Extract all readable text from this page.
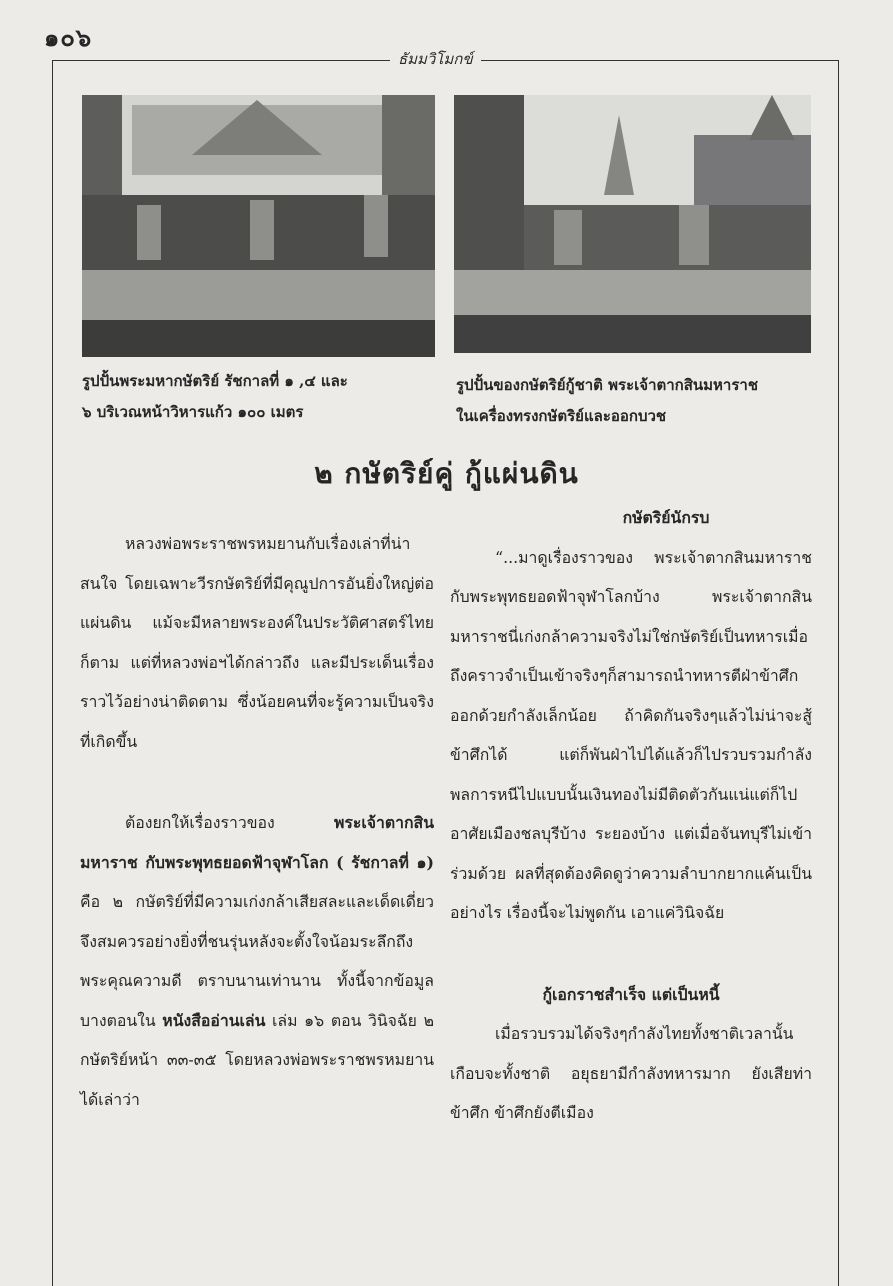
๑๐๖
ธัมมวิโมกข์
รูปปั้นพระมหากษัตริย์ รัชกาลที่ ๑ ,๔ และ
๖ บริเวณหน้าวิหารแก้ว ๑๐๐ เมตร
รูปปั้นของกษัตริย์กู้ชาติ พระเจ้าตากสินมหาราช
ในเครื่องทรงกษัตริย์และออกบวช
๒ กษัตริย์คู่ กู้แผ่นดิน

หลวงพ่อพระราชพรหมยานกับเรื่องเล่าที่น่าสนใจ โดยเฉพาะวีรกษัตริย์ที่มีคุณูปการอันยิ่งใหญ่ต่อแผ่นดิน แม้จะมีหลายพระองค์ในประวัติศาสตร์ไทยก็ตาม แต่ที่หลวงพ่อฯได้กล่าวถึง และมีประเด็นเรื่องราวไว้อย่างน่าติดตาม ซึ่งน้อยคนที่จะรู้ความเป็นจริงที่เกิดขึ้น

ต้องยกให้เรื่องราวของ พระเจ้าตากสินมหาราช กับพระพุทธยอดฟ้าจุฬาโลก ( รัชกาลที่ ๑) คือ ๒ กษัตริย์ที่มีความเก่งกล้าเสียสละและเด็ดเดี่ยวจึงสมควรอย่างยิ่งที่ชนรุ่นหลังจะตั้งใจน้อมระลึกถึงพระคุณความดี ตราบนานเท่านาน ทั้งนี้จากข้อมูลบางตอนใน หนังสืออ่านเล่น เล่ม ๑๖ ตอน วินิจฉัย ๒ กษัตริย์หน้า ๓๓-๓๕ โดยหลวงพ่อพระราชพรหมยาน ได้เล่าว่า

กษัตริย์นักรบ

“...มาดูเรื่องราวของ พระเจ้าตากสินมหาราชกับพระพุทธยอดฟ้าจุฬาโลกบ้าง พระเจ้าตากสินมหาราชนี่เก่งกล้าความจริงไม่ใช่กษัตริย์เป็นทหารเมื่อถึงคราวจำเป็นเข้าจริงๆก็สามารถนำทหารตีฝ่าข้าศึกออกด้วยกำลังเล็กน้อย ถ้าคิดกันจริงๆแล้วไม่น่าจะสู้ข้าศึกได้ แต่ก็พันฝ่าไปได้แล้วก็ไปรวบรวมกำลังพลการหนีไปแบบนั้นเงินทองไม่มีติดตัวกันแน่แต่ก็ไปอาศัยเมืองชลบุรีบ้าง ระยองบ้าง แต่เมื่อจันทบุรีไม่เข้าร่วมด้วย ผลที่สุดต้องคิดดูว่าความลำบากยากแค้นเป็นอย่างไร เรื่องนี้จะไม่พูดกัน เอาแค่วินิจฉัย

กู้เอกราชสำเร็จ แต่เป็นหนี้

เมื่อรวบรวมได้จริงๆกำลังไทยทั้งชาติเวลานั้นเกือบจะทั้งชาติ อยุธยามีกำลังทหารมาก ยังเสียท่าข้าศึก ข้าศึกยังตีเมือง
